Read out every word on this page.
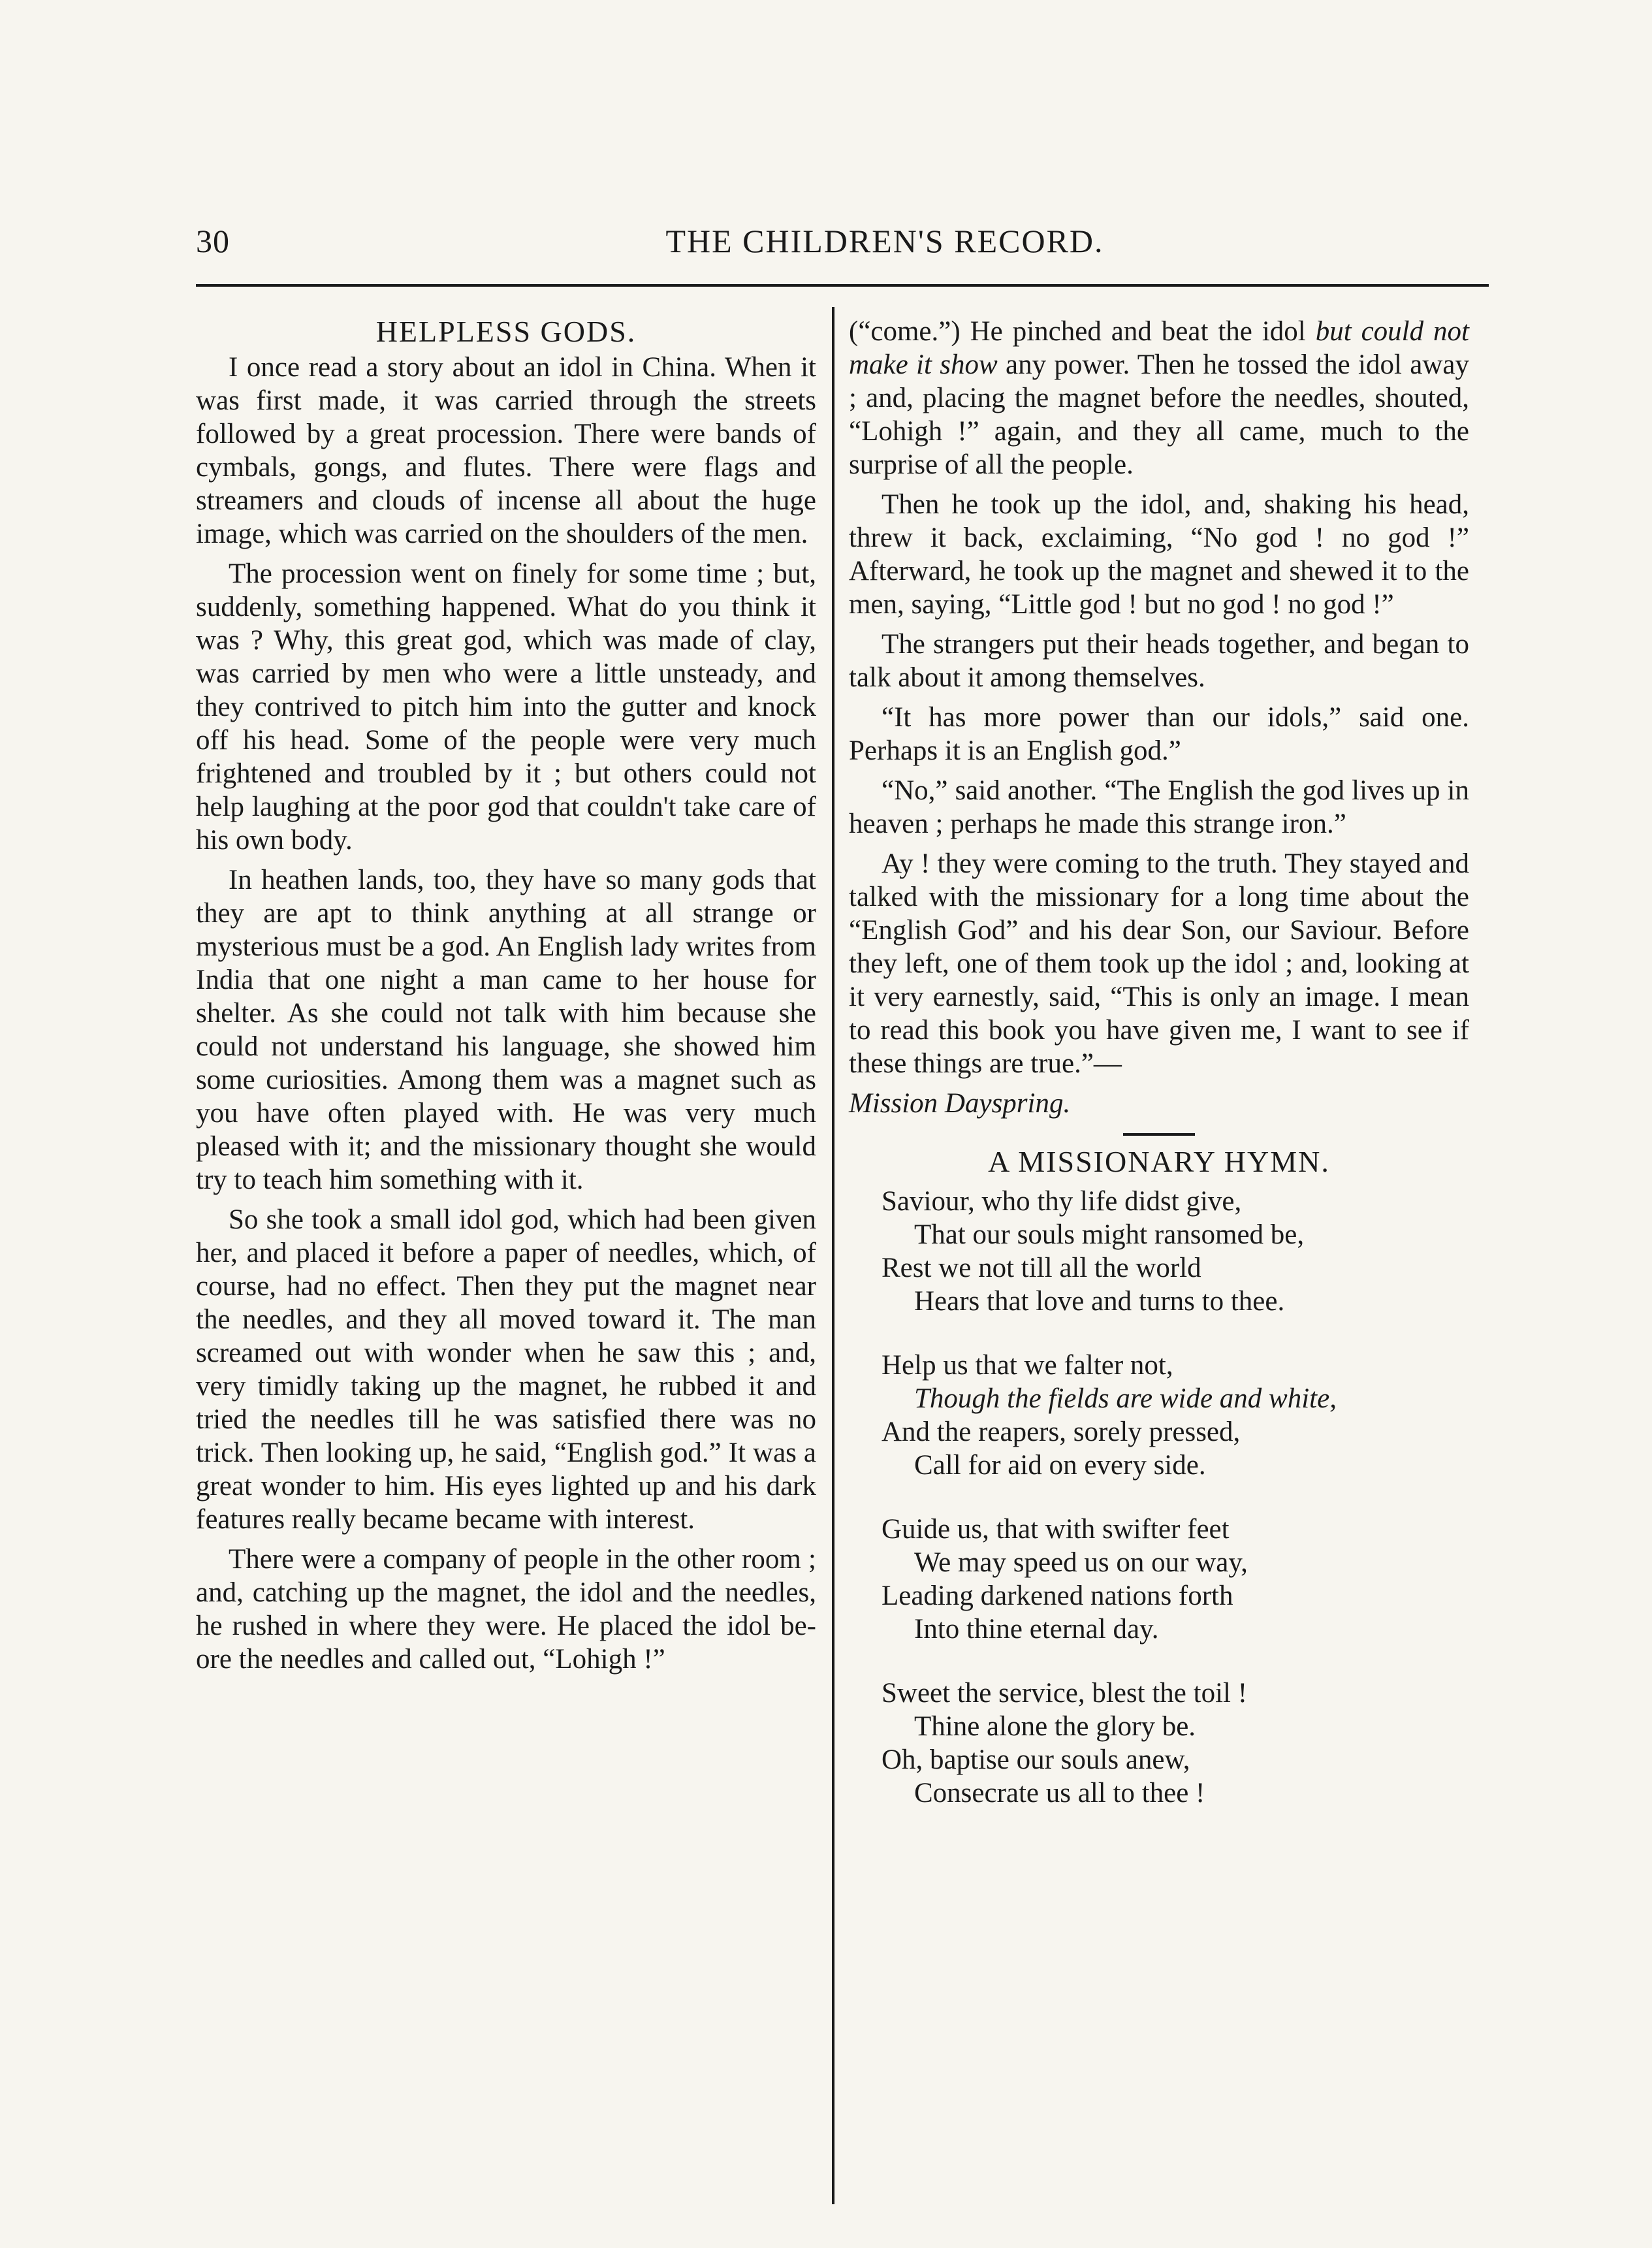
30	THE CHILDREN'S RECORD.
HELPLESS GODS.

I once read a story about an idol in China. When it was first made, it was carried through the streets followed by a great procession. There were bands of cymbals, gongs, and flutes. There were flags and streamers and clouds of incense all about the huge image, which was carried on the shoulders of the men.

The procession went on finely for some time ; but, suddenly, something happened. What do you think it was ? Why, this great god, which was made of clay, was carried by men who were a little unsteady, and they contrived to pitch him into the gutter and knock off his head. Some of the people were very much frightened and troubled by it ; but others could not help laughing at the poor god that couldn't take care of his own body.

In heathen lands, too, they have so many gods that they are apt to think anything at all strange or mysterious must be a god. An English lady writes from India that one night a man came to her house for shelter. As she could not talk with him because she could not understand his language, she showed him some curiosities. Among them was a magnet such as you have often played with. He was very much pleased with it; and the missionary thought she would try to teach him something with it.

So she took a small idol god, which had been given her, and placed it before a paper of needles, which, of course, had no effect. Then they put the magnet near the needles, and they all moved toward it. The man screamed out with wonder when he saw this ; and, very timidly taking up the magnet, he rubbed it and tried the needles till he was satisfied there was no trick. Then looking up, he said, “English god.” It was a great wonder to him. His eyes lighted up and his dark features really became became with interest.

There were a company of people in the other room ; and, catching up the magnet, the idol and the needles, he rushed in where they were. He placed the idol be-ore the needles and called out, “Lohigh !”

(“come.”) He pinched and beat the idol but could not make it show any power. Then he tossed the idol away ; and, placing the magnet before the needles, shouted, “Lohigh !” again, and they all came, much to the surprise of all the people.

Then he took up the idol, and, shaking his head, threw it back, exclaiming, “No god ! no god !” Afterward, he took up the magnet and shewed it to the men, saying, “Little god ! but no god ! no god !”

The strangers put their heads together, and began to talk about it among themselves.

“It has more power than our idols,” said one. Perhaps it is an English god.”

“No,” said another. “The English the god lives up in heaven ; perhaps he made this strange iron.”

Ay ! they were coming to the truth. They stayed and talked with the missionary for a long time about the “English God” and his dear Son, our Saviour. Before they left, one of them took up the idol ; and, looking at it very earnestly, said, “This is only an image. I mean to read this book you have given me, I want to see if these things are true.”—

Mission Dayspring.

A MISSIONARY HYMN.
Saviour, who thy life didst give,
That our souls might ransomed be,
Rest we not till all the world
Hears that love and turns to thee.
Help us that we falter not,
Though the fields are wide and white,
And the reapers, sorely pressed,
Call for aid on every side.
Guide us, that with swifter feet
We may speed us on our way,
Leading darkened nations forth
Into thine eternal day.
Sweet the service, blest the toil !
Thine alone the glory be.
Oh, baptise our souls anew,
Consecrate us all to thee !
